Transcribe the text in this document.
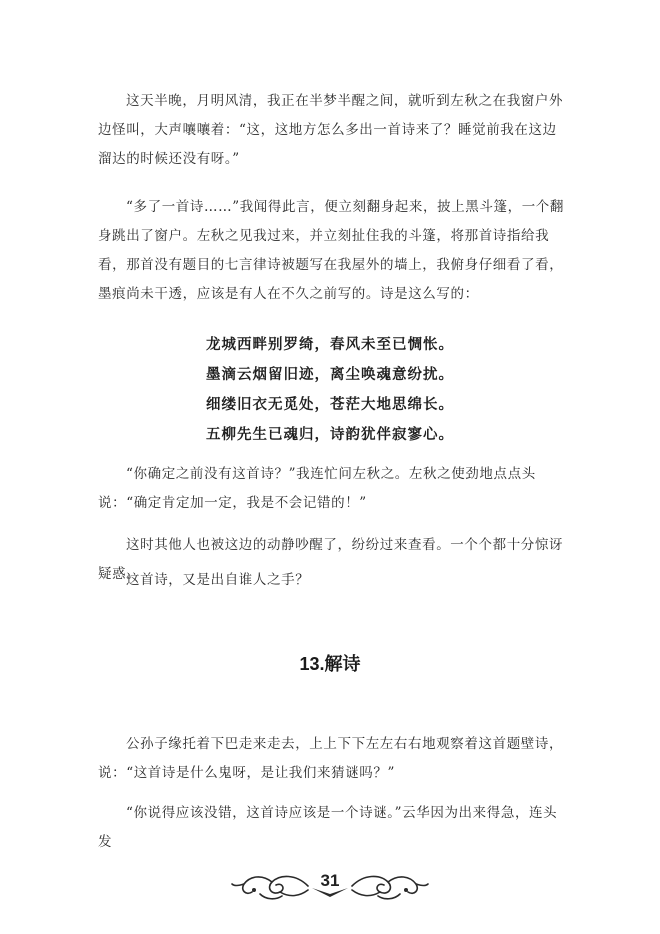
这天半晚，月明风清，我正在半梦半醒之间，就听到左秋之在我窗户外边怪叫，大声嚷嚷着：“这，这地方怎么多出一首诗来了？睡觉前我在这边溜达的时候还没有呀。”

“多了一首诗……”我闻得此言，便立刻翻身起来，披上黑斗篷，一个翻身跳出了窗户。左秋之见我过来，并立刻扯住我的斗篷，将那首诗指给我看，那首没有题目的七言律诗被题写在我屋外的墙上，我俯身仔细看了看，墨痕尚未干透，应该是有人在不久之前写的。诗是这么写的：

龙城西畔别罗绮，春风未至已惆怅。
墨滴云烟留旧迹，离尘唤魂意纷扰。
细缕旧衣无觅处，苍茫大地思绵长。
五柳先生已魂归，诗韵犹伴寂寥心。

“你确定之前没有这首诗？”我连忙问左秋之。左秋之使劲地点点头说：“确定肯定加一定，我是不会记错的！”

这时其他人也被这边的动静吵醒了，纷纷过来查看。一个个都十分惊讶疑惑。

这首诗，又是出自谁人之手？

13.解诗

公孙子缘托着下巴走来走去，上上下下左左右右地观察着这首题壁诗，说：“这首诗是什么鬼呀，是让我们来猜谜吗？”

“你说得应该没错，这首诗应该是一个诗谜。”云华因为出来得急，连头发

31
